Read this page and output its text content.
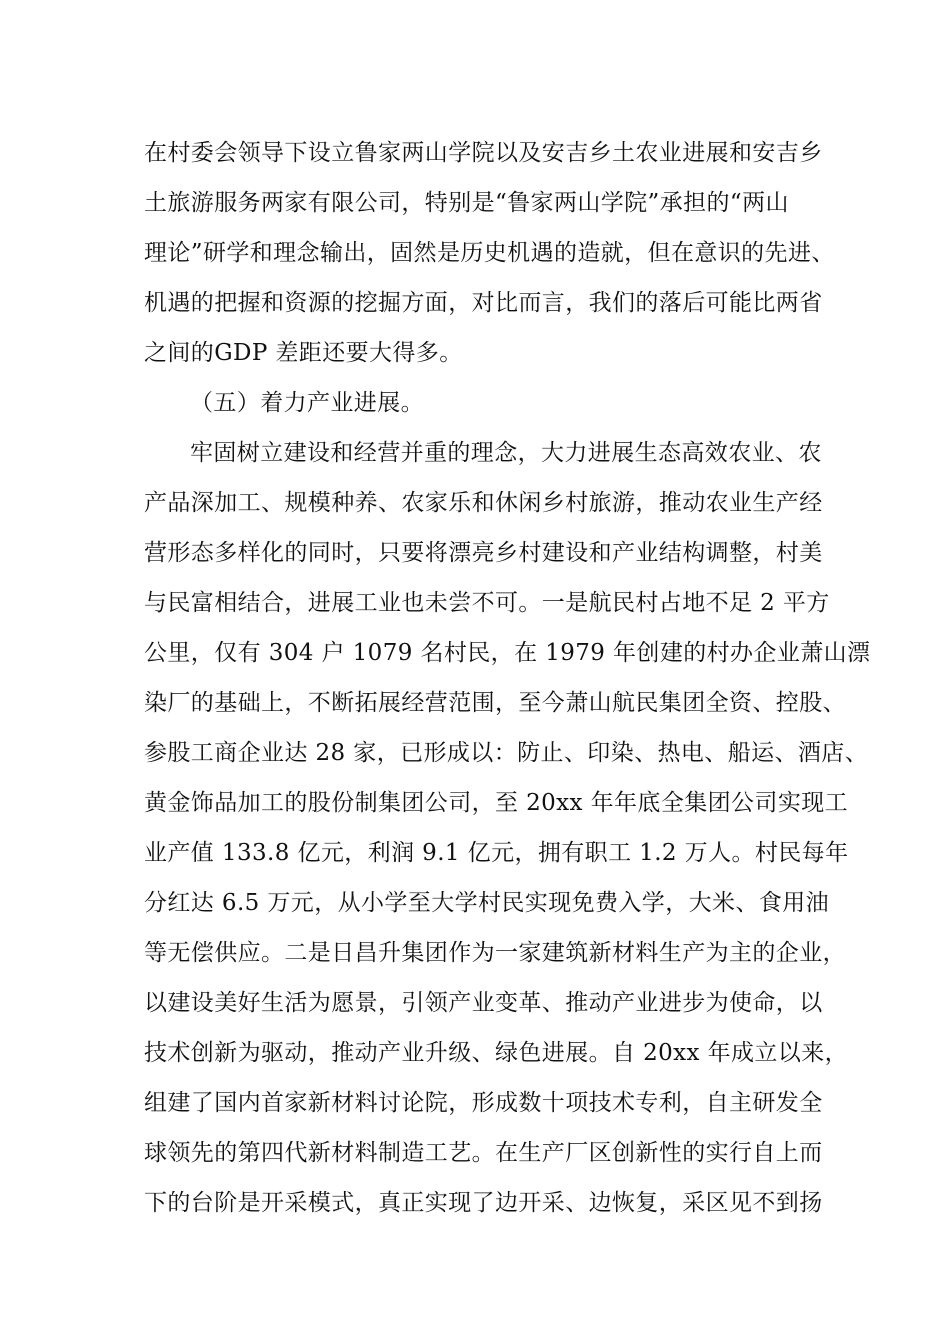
在村委会领导下设立鲁家两山学院以及安吉乡土农业进展和安吉乡

土旅游服务两家有限公司，特别是“鲁家两山学院”承担的“两山

理论”研学和理念输出，固然是历史机遇的造就，但在意识的先进、

机遇的把握和资源的挖掘方面，对比而言，我们的落后可能比两省

之间的GDP 差距还要大得多。

（五）着力产业进展。

牢固树立建设和经营并重的理念，大力进展生态高效农业、农

产品深加工、规模种养、农家乐和休闲乡村旅游，推动农业生产经

营形态多样化的同时，只要将漂亮乡村建设和产业结构调整，村美

与民富相结合，进展工业也未尝不可。一是航民村占地不足 2 平方

公里，仅有 304 户 1079 名村民，在 1979 年创建的村办企业萧山漂

染厂的基础上，不断拓展经营范围，至今萧山航民集团全资、控股、

参股工商企业达 28 家，已形成以：防止、印染、热电、船运、酒店、

黄金饰品加工的股份制集团公司，至 20xx 年年底全集团公司实现工

业产值 133.8 亿元，利润 9.1 亿元，拥有职工 1.2 万人。村民每年

分红达 6.5 万元，从小学至大学村民实现免费入学，大米、食用油

等无偿供应。二是日昌升集团作为一家建筑新材料生产为主的企业，

以建设美好生活为愿景，引领产业变革、推动产业进步为使命，以

技术创新为驱动，推动产业升级、绿色进展。自 20xx 年成立以来，

组建了国内首家新材料讨论院，形成数十项技术专利，自主研发全

球领先的第四代新材料制造工艺。在生产厂区创新性的实行自上而

下的台阶是开采模式，真正实现了边开采、边恢复，采区见不到扬
